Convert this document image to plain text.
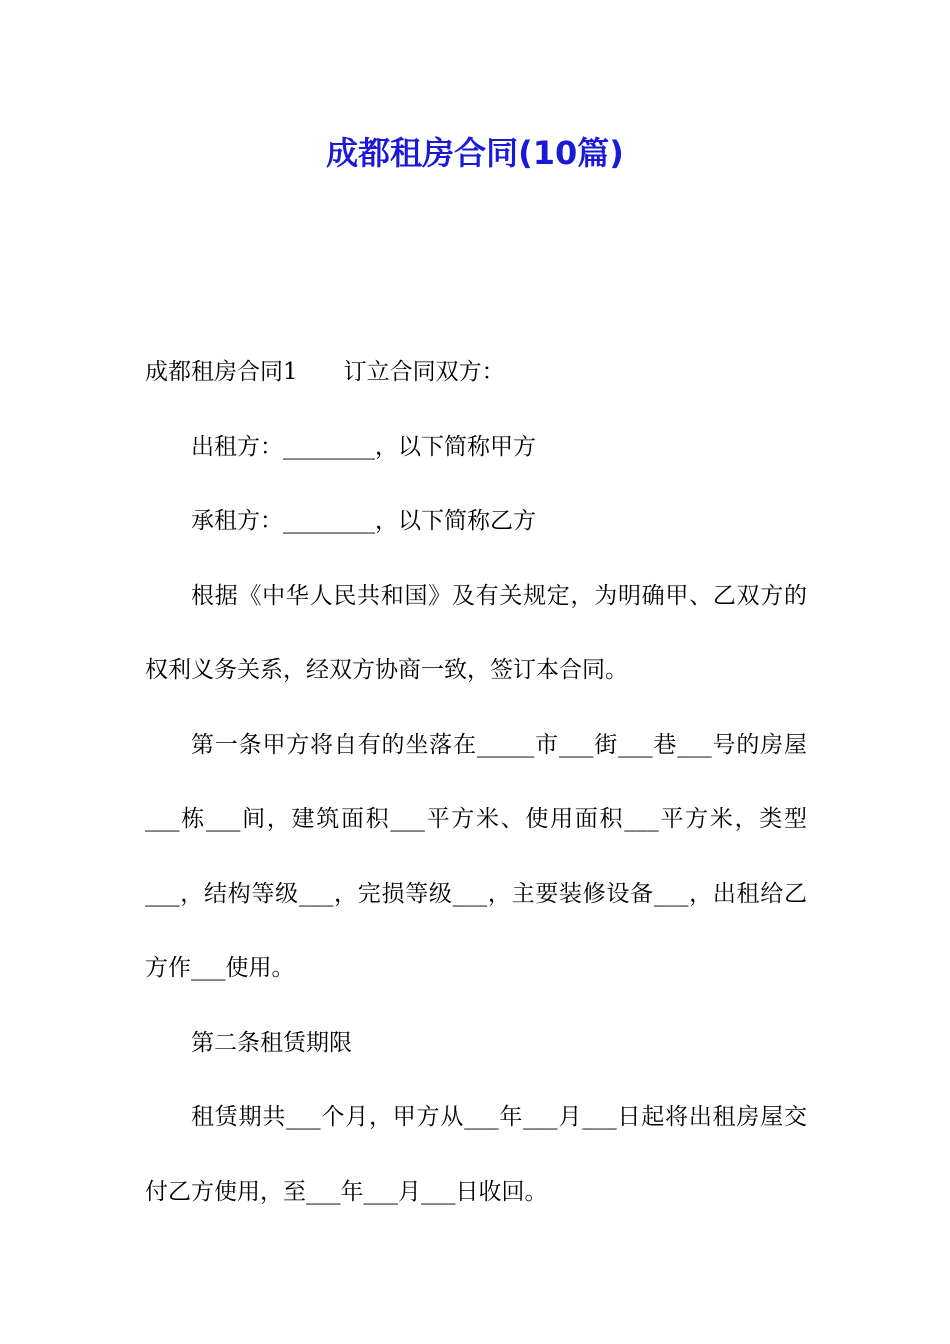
成都租房合同(10篇)

成都租房合同1 订立合同双方：

出租方：________，以下简称甲方

承租方：________，以下简称乙方

根据《中华人民共和国》及有关规定，为明确甲、乙双方的权利义务关系，经双方协商一致，签订本合同。

第一条甲方将自有的坐落在_____市___街___巷___号的房屋___栋___间，建筑面积___平方米、使用面积___平方米，类型___，结构等级___，完损等级___，主要装修设备___，出租给乙方作___使用。

第二条租赁期限

租赁期共___个月，甲方从___年___月___日起将出租房屋交付乙方使用，至___年___月___日收回。
